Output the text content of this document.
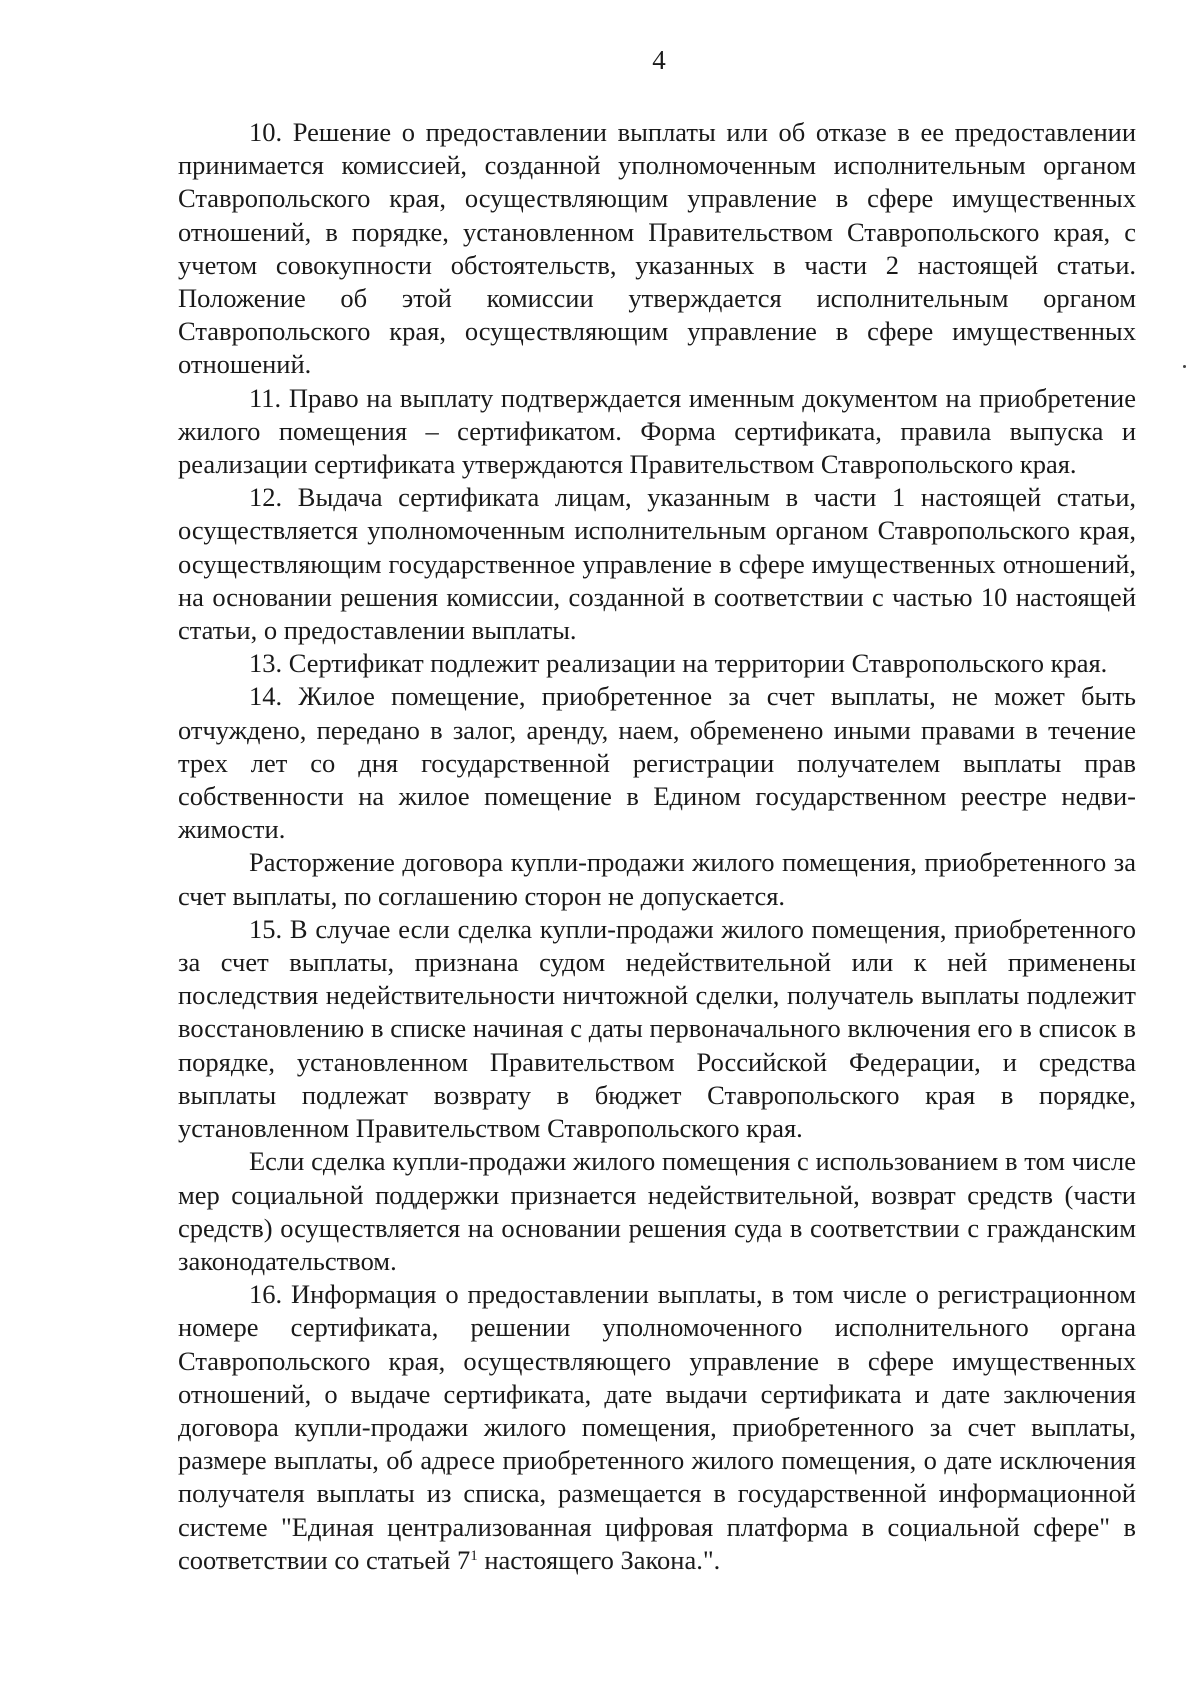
4

10. Решение о предоставлении выплаты или об отказе в ее предоставлении принимается комиссией, созданной уполномоченным исполнительным органом Ставропольского края, осуществляющим управление в сфере имущественных отношений, в порядке, установленном Правительством Ставропольского края, с учетом совокупности обстоятельств, указанных в части 2 настоящей статьи. Положение об этой комиссии утверждается исполнительным органом Ставропольского края, осуществляющим управление в сфере имущественных отношений.

11. Право на выплату подтверждается именным документом на приобретение жилого помещения – сертификатом. Форма сертификата, правила выпуска и реализации сертификата утверждаются Правительством Ставропольского края.

12. Выдача сертификата лицам, указанным в части 1 настоящей статьи, осуществляется уполномоченным исполнительным органом Ставропольского края, осуществляющим государственное управление в сфере имущественных отношений, на основании решения комиссии, созданной в соответствии с частью 10 настоящей статьи, о предоставлении выплаты.

13. Сертификат подлежит реализации на территории Ставропольского края.

14. Жилое помещение, приобретенное за счет выплаты, не может быть отчуждено, передано в залог, аренду, наем, обременено иными правами в течение трех лет со дня государственной регистрации получателем выплаты прав собственности на жилое помещение в Едином государственном реестре недвижимости.

Расторжение договора купли-продажи жилого помещения, приобретенного за счет выплаты, по соглашению сторон не допускается.

15. В случае если сделка купли-продажи жилого помещения, приобретенного за счет выплаты, признана судом недействительной или к ней применены последствия недействительности ничтожной сделки, получатель выплаты подлежит восстановлению в списке начиная с даты первоначального включения его в список в порядке, установленном Правительством Российской Федерации, и средства выплаты подлежат возврату в бюджет Ставропольского края в порядке, установленном Правительством Ставропольского края.

Если сделка купли-продажи жилого помещения с использованием в том числе мер социальной поддержки признается недействительной, возврат средств (части средств) осуществляется на основании решения суда в соответствии с гражданским законодательством.

16. Информация о предоставлении выплаты, в том числе о регистрационном номере сертификата, решении уполномоченного исполнительного органа Ставропольского края, осуществляющего управление в сфере имущественных отношений, о выдаче сертификата, дате выдачи сертификата и дате заключения договора купли-продажи жилого помещения, приобретенного за счет выплаты, размере выплаты, об адресе приобретенного жилого помещения, о дате исключения получателя выплаты из списка, размещается в государственной информационной системе "Единая централизованная цифровая платформа в социальной сфере" в соответствии со статьей $7^1$ настоящего Закона.".
